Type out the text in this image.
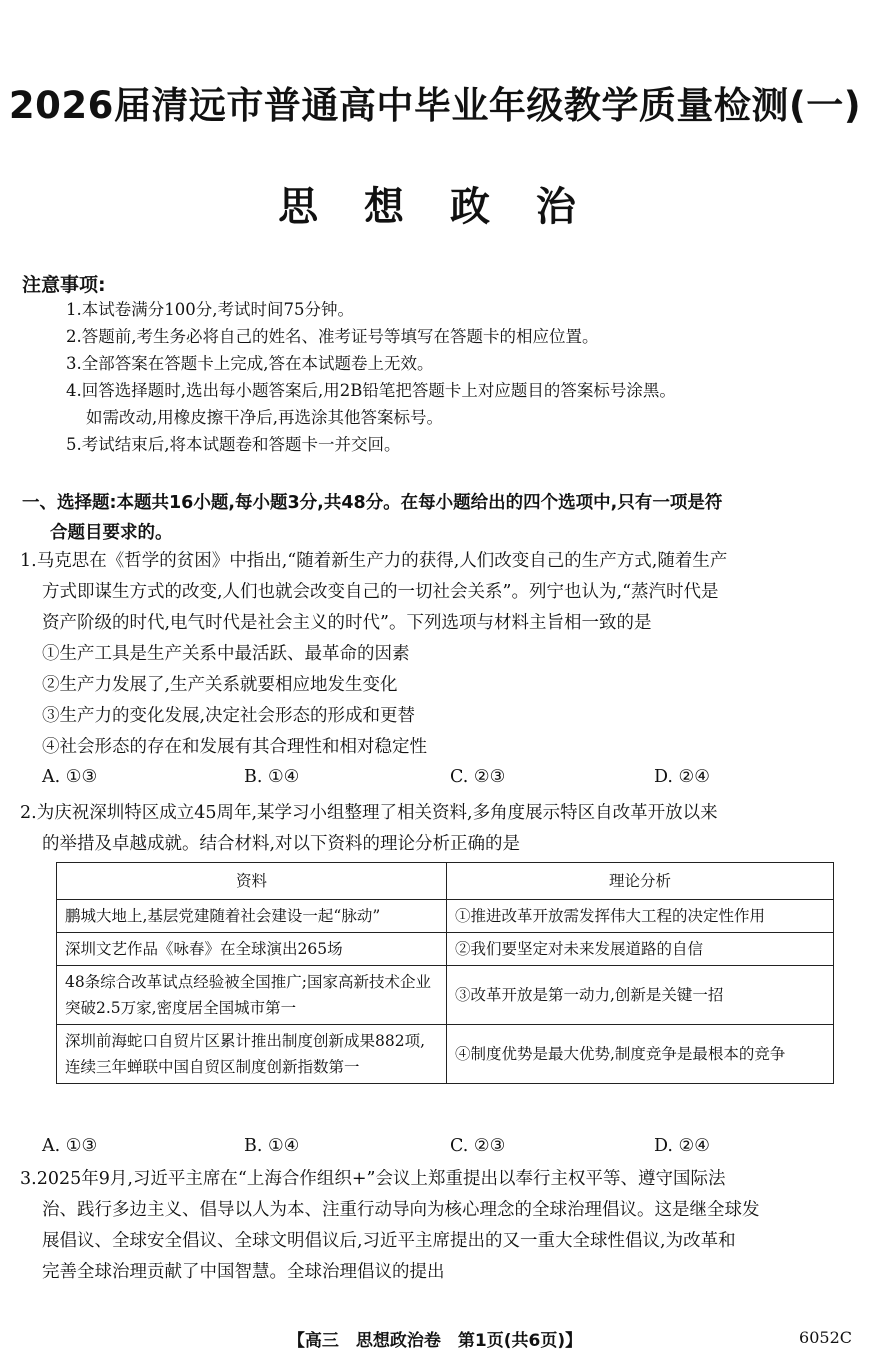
2026届清远市普通高中毕业年级教学质量检测(一)
思 想 政 治
注意事项:
1.本试卷满分100分,考试时间75分钟。
2.答题前,考生务必将自己的姓名、准考证号等填写在答题卡的相应位置。
3.全部答案在答题卡上完成,答在本试题卷上无效。
4.回答选择题时,选出每小题答案后,用2B铅笔把答题卡上对应题目的答案标号涂黑。
如需改动,用橡皮擦干净后,再选涂其他答案标号。
5.考试结束后,将本试题卷和答题卡一并交回。
一、选择题:本题共16小题,每小题3分,共48分。在每小题给出的四个选项中,只有一项是符
合题目要求的。
1.马克思在《哲学的贫困》中指出,“随着新生产力的获得,人们改变自己的生产方式,随着生产
方式即谋生方式的改变,人们也就会改变自己的一切社会关系”。列宁也认为,“蒸汽时代是
资产阶级的时代,电气时代是社会主义的时代”。下列选项与材料主旨相一致的是
①生产工具是生产关系中最活跃、最革命的因素
②生产力发展了,生产关系就要相应地发生变化
③生产力的变化发展,决定社会形态的形成和更替
④社会形态的存在和发展有其合理性和相对稳定性
A. ①③	B. ①④	C. ②③	D. ②④
2.为庆祝深圳特区成立45周年,某学习小组整理了相关资料,多角度展示特区自改革开放以来
的举措及卓越成就。结合材料,对以下资料的理论分析正确的是
资料	理论分析
鹏城大地上,基层党建随着社会建设一起“脉动”	①推进改革开放需发挥伟大工程的决定性作用
深圳文艺作品《咏春》在全球演出265场	②我们要坚定对未来发展道路的自信
48条综合改革试点经验被全国推广;国家高新技术企业突破2.5万家,密度居全国城市第一	③改革开放是第一动力,创新是关键一招
深圳前海蛇口自贸片区累计推出制度创新成果882项,连续三年蝉联中国自贸区制度创新指数第一	④制度优势是最大优势,制度竞争是最根本的竞争
A. ①③	B. ①④	C. ②③	D. ②④
3.2025年9月,习近平主席在“上海合作组织+”会议上郑重提出以奉行主权平等、遵守国际法
治、践行多边主义、倡导以人为本、注重行动导向为核心理念的全球治理倡议。这是继全球发
展倡议、全球安全倡议、全球文明倡议后,习近平主席提出的又一重大全球性倡议,为改革和
完善全球治理贡献了中国智慧。全球治理倡议的提出
【高三　思想政治卷　第1页(共6页)】	6052C
